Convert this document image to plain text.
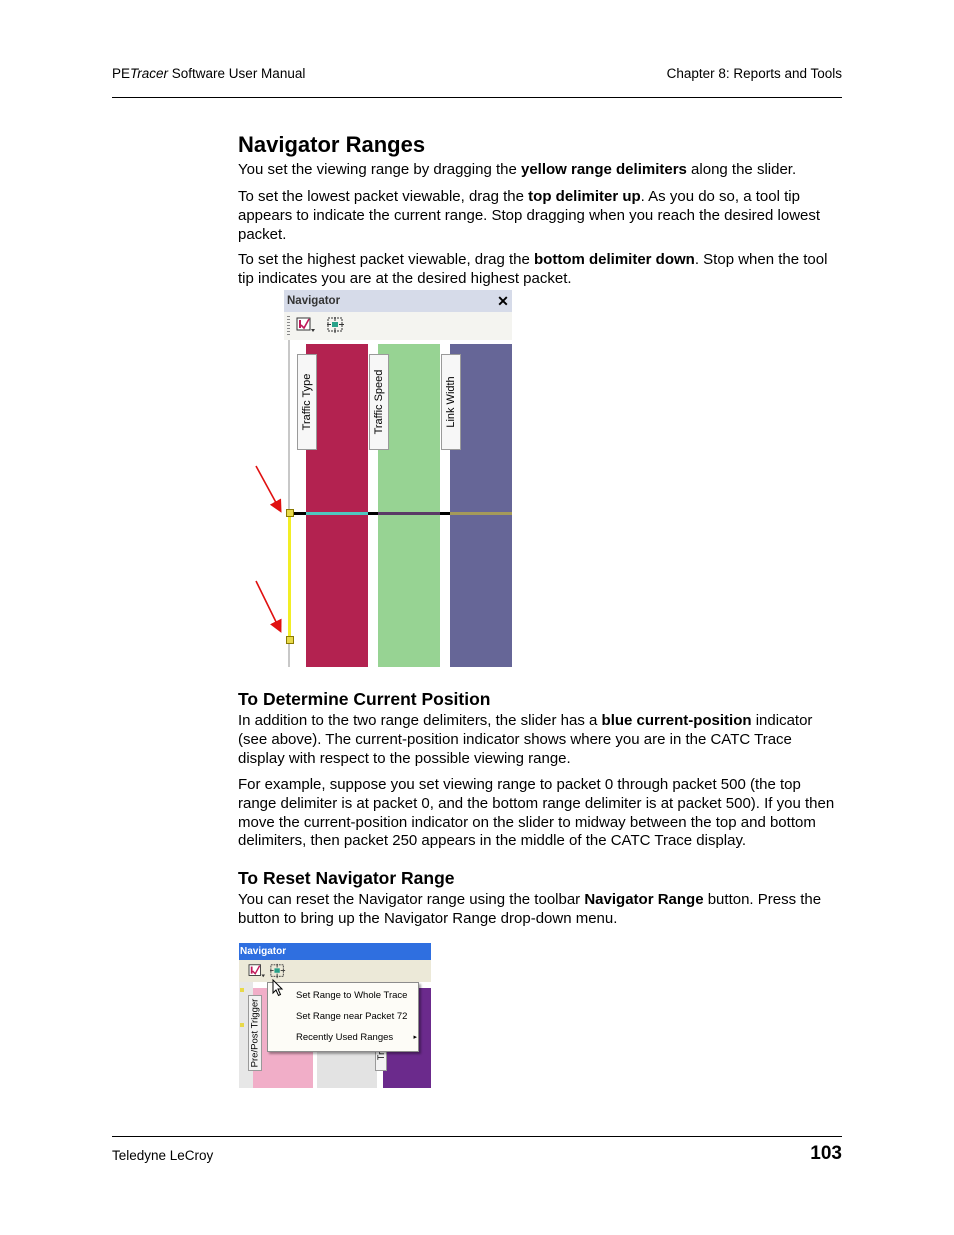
PETracer Software User Manual	Chapter 8: Reports and Tools
Navigator Ranges

You set the viewing range by dragging the yellow range delimiters along the slider.

To set the lowest packet viewable, drag the top delimiter up. As you do so, a tool tip appears to indicate the current range. Stop dragging when you reach the desired lowest packet.

To set the highest packet viewable, drag the bottom delimiter down. Stop when the tool tip indicates you are at the desired highest packet.

Navigator	✕
Traffic Type	Traffic Speed	Link Width
To Determine Current Position

In addition to the two range delimiters, the slider has a blue current-position indicator (see above). The current-position indicator shows where you are in the CATC Trace display with respect to the possible viewing range.

For example, suppose you set viewing range to packet 0 through packet 500 (the top range delimiter is at packet 0, and the bottom range delimiter is at packet 500). If you then move the current-position indicator on the slider to midway between the top and bottom delimiters, then packet 250 appears in the middle of the CATC Trace display.

To Reset Navigator Range

You can reset the Navigator range using the toolbar Navigator Range button. Press the button to bring up the Navigator Range drop-down menu.

Navigator
Tr
Pre/Post Trigger
Set Range to Whole Trace
Set Range near Packet 72
Recently Used Ranges	▸
Teledyne LeCroy	103
